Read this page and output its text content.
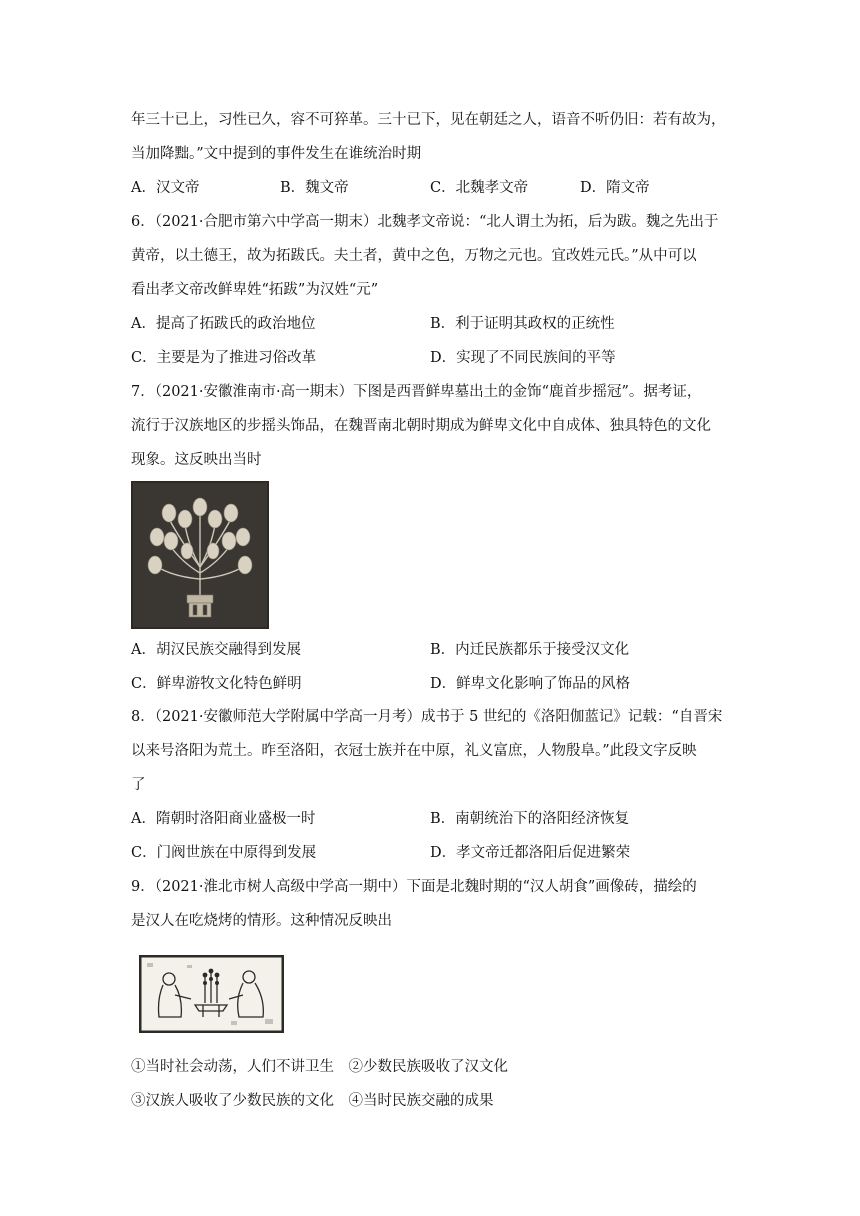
年三十已上，习性已久，容不可猝革。三十已下，见在朝廷之人，语音不听仍旧：若有故为，
当加降黜。”文中提到的事件发生在谁统治时期
A．汉文帝	B．魏文帝	C．北魏孝文帝	D．隋文帝
6．（2021·合肥市第六中学高一期末）北魏孝文帝说：“北人谓土为拓，后为跋。魏之先出于
黄帝，以土德王，故为拓跋氏。夫土者，黄中之色，万物之元也。宜改姓元氏。”从中可以
看出孝文帝改鲜卑姓“拓跋”为汉姓“元”
A．提高了拓跋氏的政治地位	B．利于证明其政权的正统性
C．主要是为了推进习俗改革	D．实现了不同民族间的平等
7．（2021·安徽淮南市·高一期末）下图是西晋鲜卑墓出土的金饰“鹿首步摇冠”。据考证，
流行于汉族地区的步摇头饰品，在魏晋南北朝时期成为鲜卑文化中自成体、独具特色的文化
现象。这反映出当时
A．胡汉民族交融得到发展	B．内迁民族都乐于接受汉文化
C．鲜卑游牧文化特色鲜明	D．鲜卑文化影响了饰品的风格
8．（2021·安徽师范大学附属中学高一月考）成书于 5 世纪的《洛阳伽蓝记》记载：“自晋宋
以来号洛阳为荒土。昨至洛阳，衣冠士族并在中原，礼义富庶，人物殷阜。”此段文字反映
了
A．隋朝时洛阳商业盛极一时	B．南朝统治下的洛阳经济恢复
C．门阀世族在中原得到发展	D．孝文帝迁都洛阳后促进繁荣
9．（2021·淮北市树人高级中学高一期中）下面是北魏时期的“汉人胡食”画像砖，描绘的
是汉人在吃烧烤的情形。这种情况反映出
①当时社会动荡，人们不讲卫生　②少数民族吸收了汉文化
③汉族人吸收了少数民族的文化　④当时民族交融的成果
